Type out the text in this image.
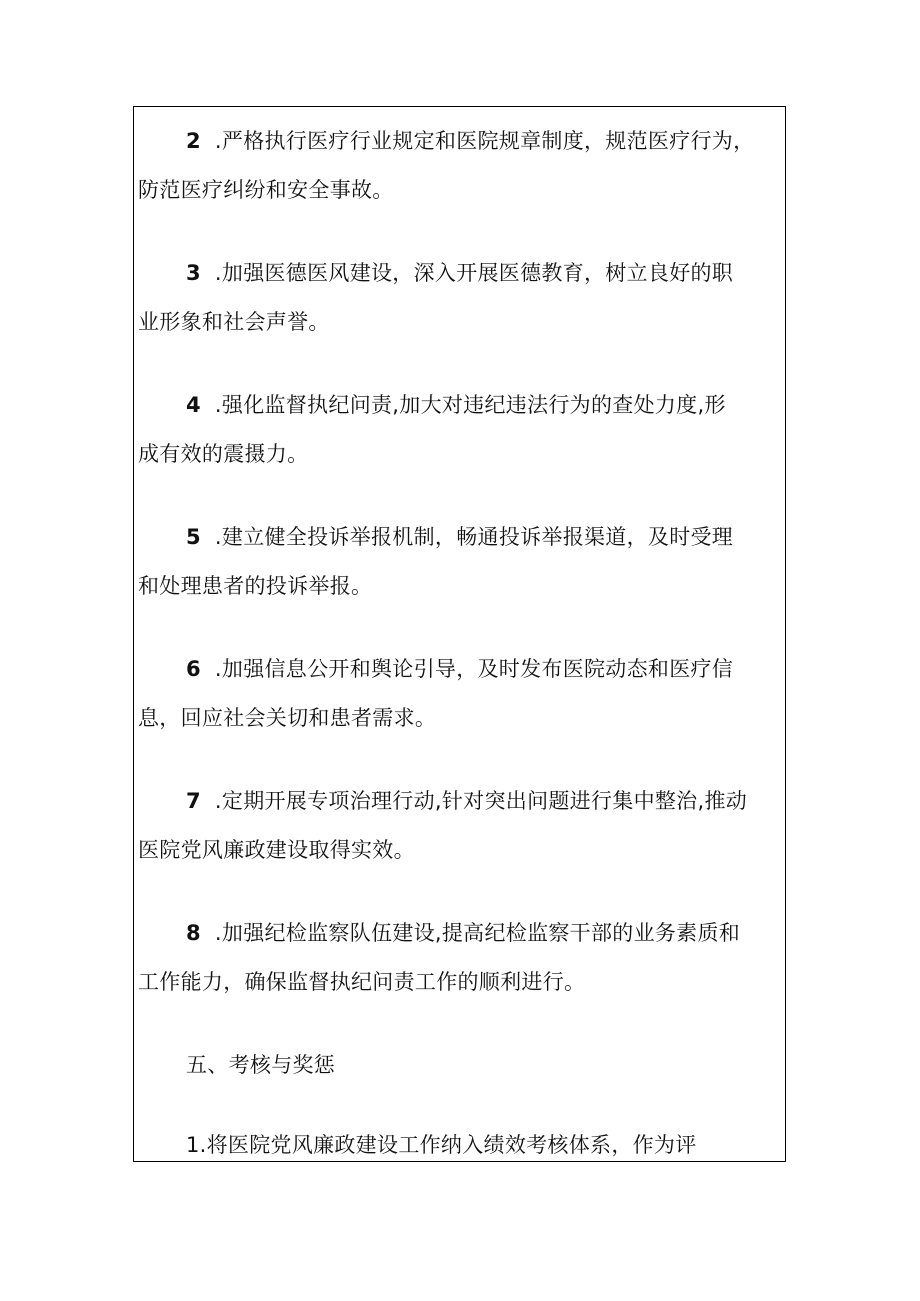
2 .严格执行医疗行业规定和医院规章制度，规范医疗行为，
防范医疗纠纷和安全事故。
3 .加强医德医风建设，深入开展医德教育，树立良好的职
业形象和社会声誉。
4 .强化监督执纪问责,加大对违纪违法行为的查处力度,形
成有效的震摄力。
5 .建立健全投诉举报机制，畅通投诉举报渠道，及时受理
和处理患者的投诉举报。
6 .加强信息公开和舆论引导，及时发布医院动态和医疗信
息，回应社会关切和患者需求。
7 .定期开展专项治理行动,针对突出问题进行集中整治,推动
医院党风廉政建设取得实效。
8 .加强纪检监察队伍建设,提高纪检监察干部的业务素质和
工作能力，确保监督执纪问责工作的顺利进行。
五、考核与奖惩
1.将医院党风廉政建设工作纳入绩效考核体系，作为评
